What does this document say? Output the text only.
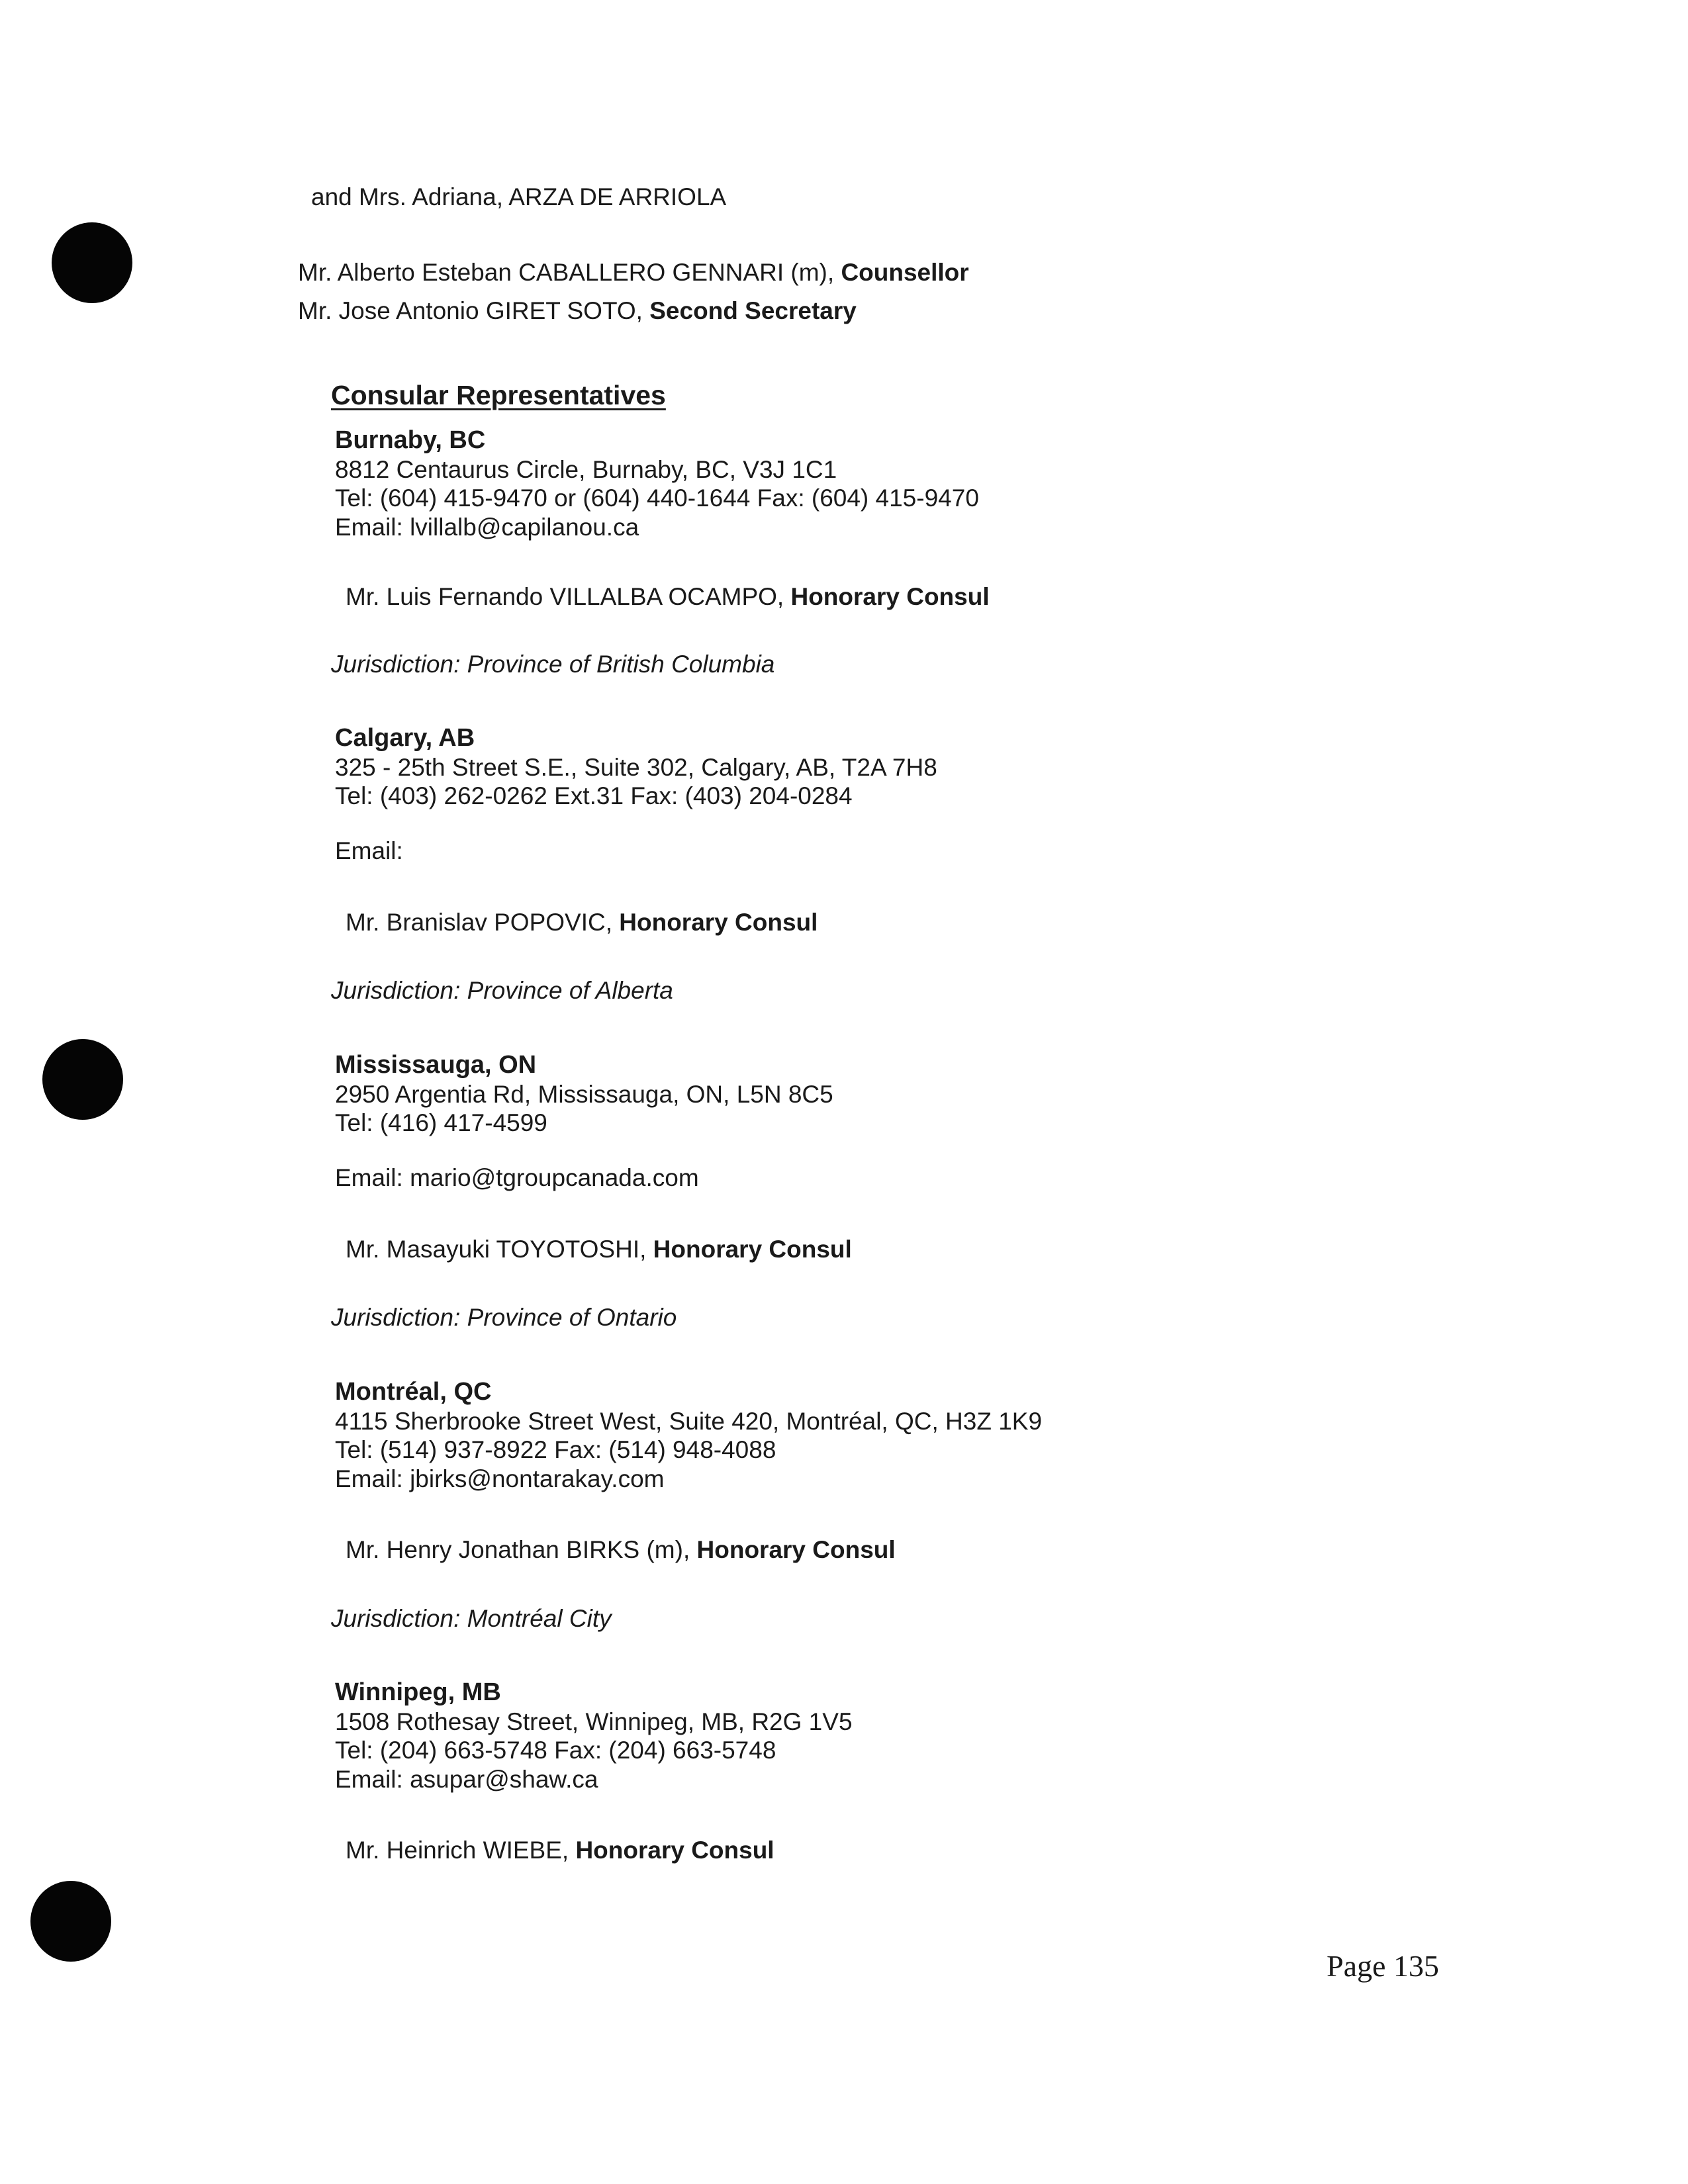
and Mrs. Adriana, ARZA DE ARRIOLA
Mr. Alberto Esteban CABALLERO GENNARI (m), Counsellor
Mr. Jose Antonio GIRET SOTO, Second Secretary
Consular Representatives
Burnaby, BC
8812 Centaurus Circle, Burnaby, BC, V3J 1C1
Tel: (604) 415-9470 or (604) 440-1644 Fax: (604) 415-9470
Email: lvillalb@capilanou.ca
Mr. Luis Fernando VILLALBA OCAMPO, Honorary Consul
Jurisdiction: Province of British Columbia
Calgary, AB
325 - 25th Street S.E., Suite 302, Calgary, AB, T2A 7H8
Tel: (403) 262-0262 Ext.31 Fax: (403) 204-0284
Email:
Mr. Branislav POPOVIC, Honorary Consul
Jurisdiction: Province of Alberta
Mississauga, ON
2950 Argentia Rd, Mississauga, ON, L5N 8C5
Tel: (416) 417-4599
Email: mario@tgroupcanada.com
Mr. Masayuki TOYOTOSHI, Honorary Consul
Jurisdiction: Province of Ontario
Montréal, QC
4115 Sherbrooke Street West, Suite 420, Montréal, QC, H3Z 1K9
Tel: (514) 937-8922 Fax: (514) 948-4088
Email: jbirks@nontarakay.com
Mr. Henry Jonathan BIRKS (m), Honorary Consul
Jurisdiction: Montréal City
Winnipeg, MB
1508 Rothesay Street, Winnipeg, MB, R2G 1V5
Tel: (204) 663-5748 Fax: (204) 663-5748
Email: asupar@shaw.ca
Mr. Heinrich WIEBE, Honorary Consul
Page 135
